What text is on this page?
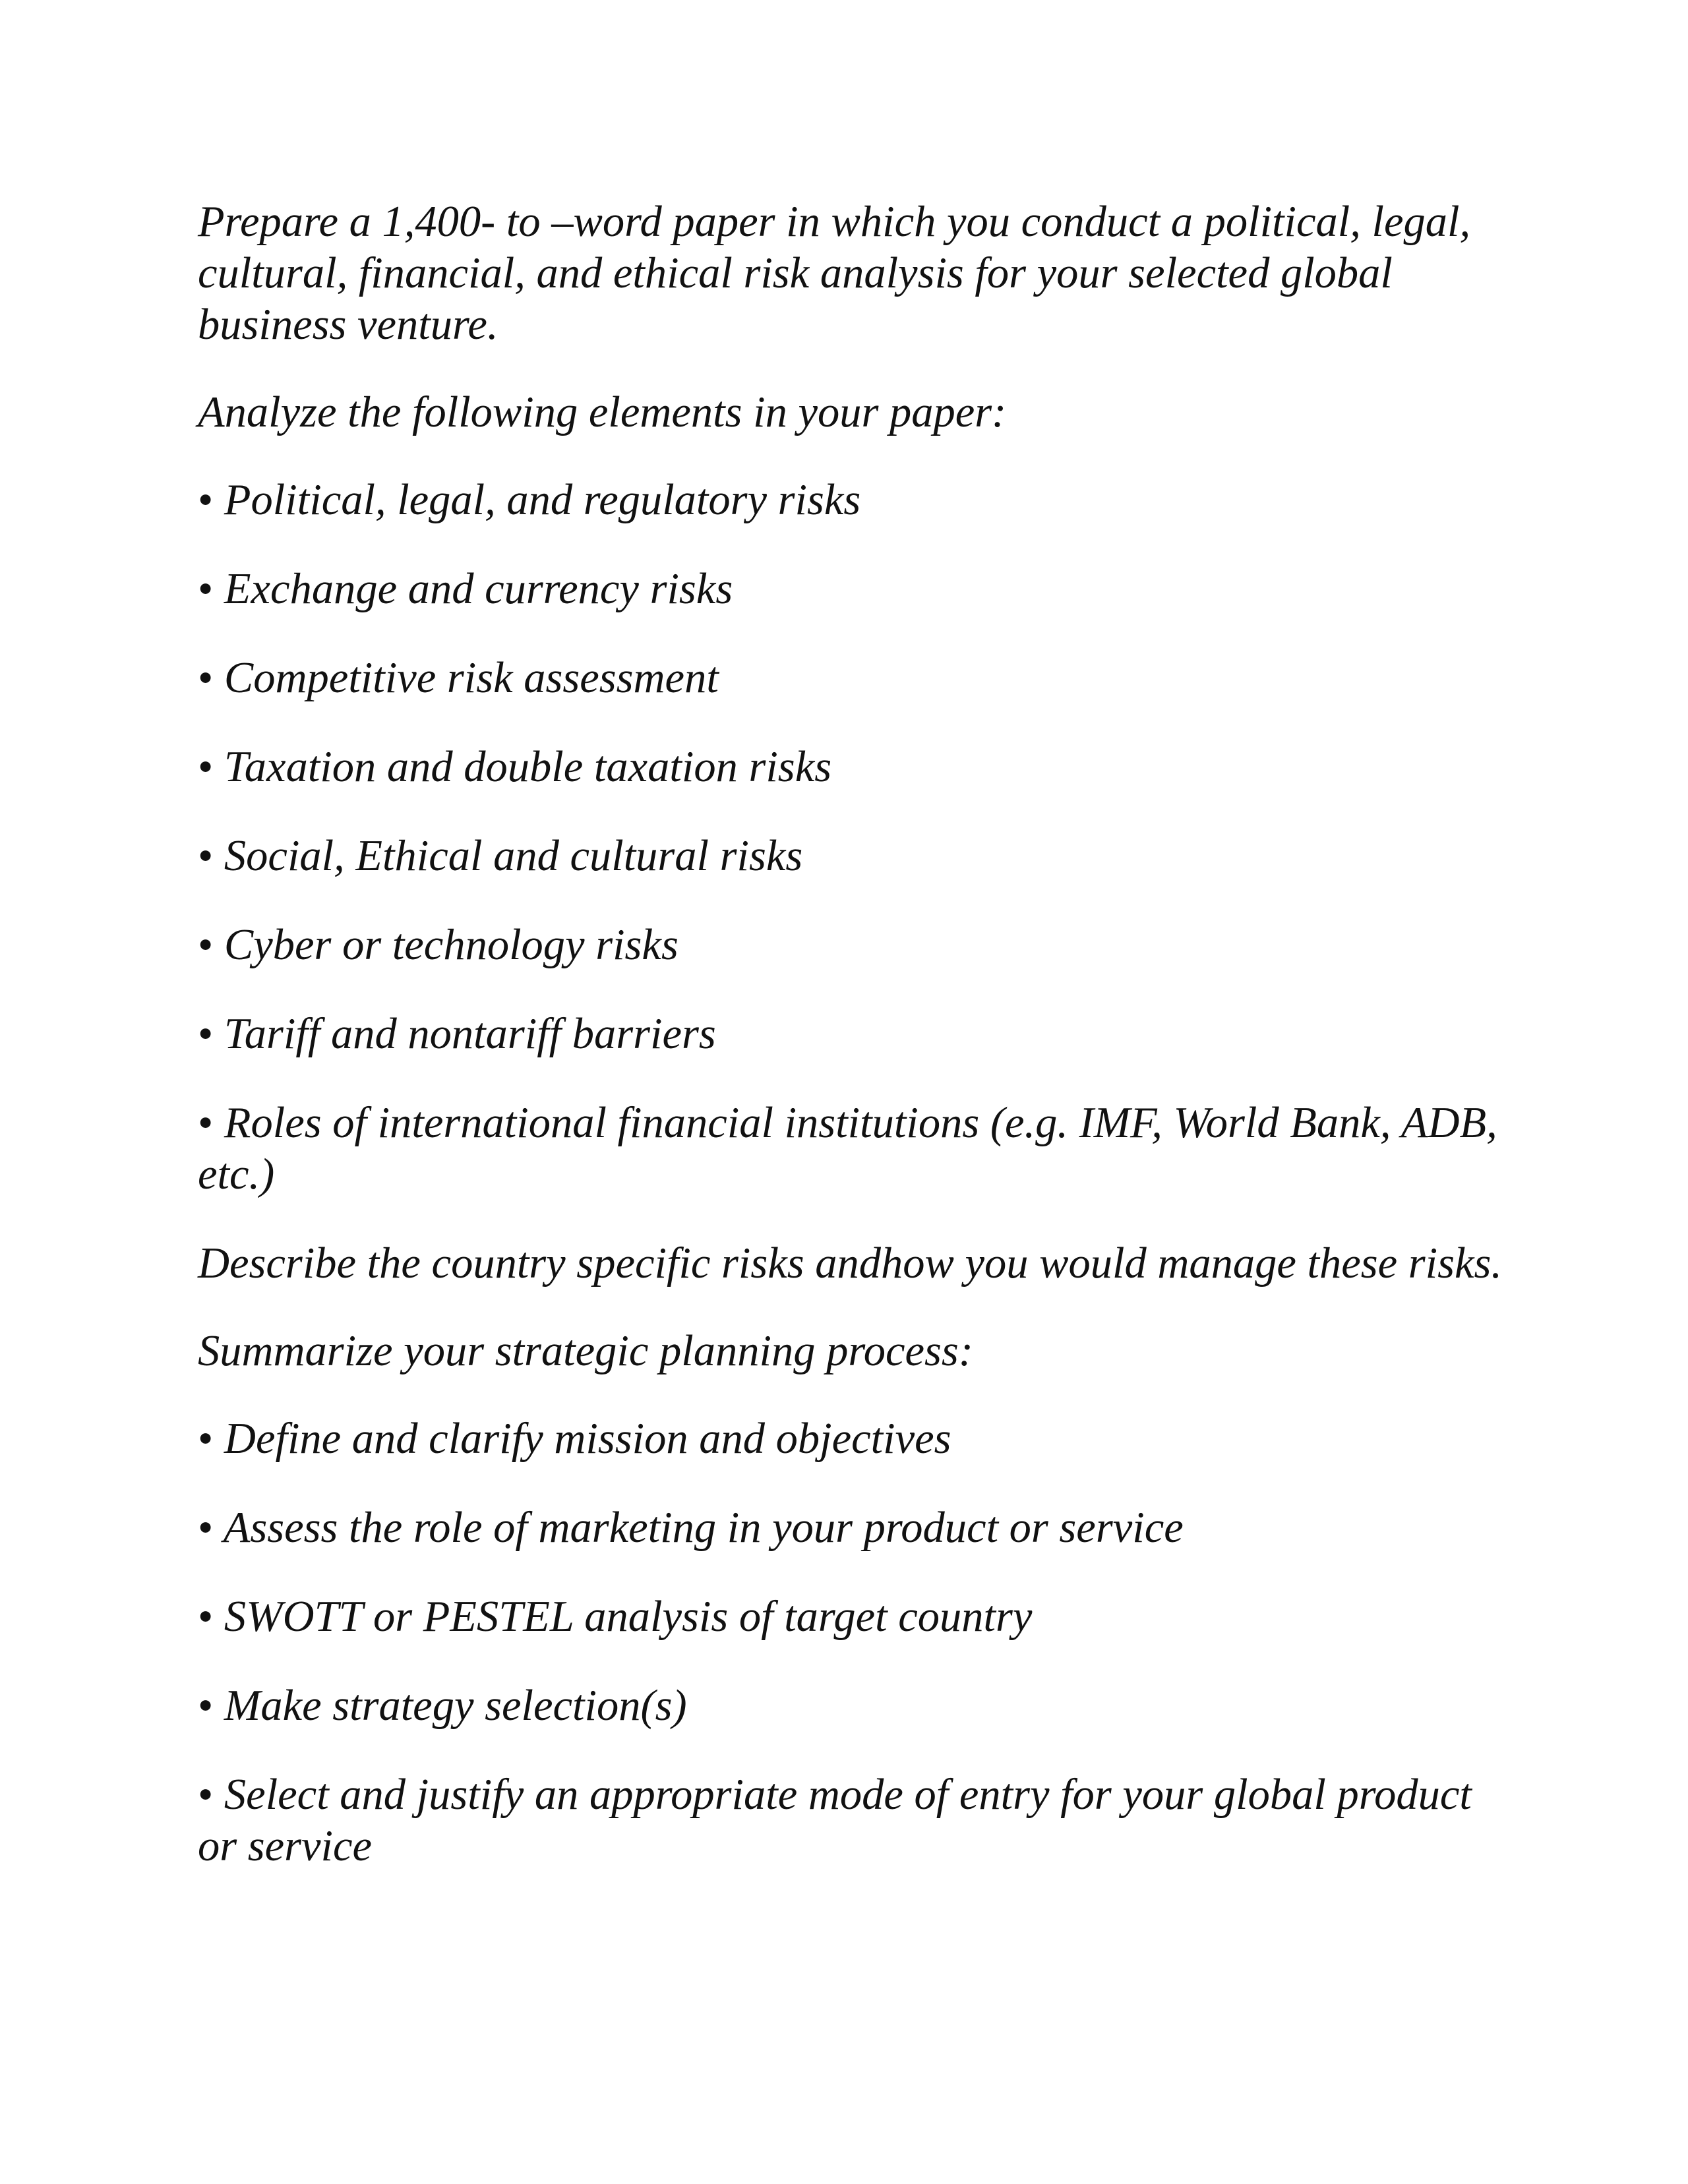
Prepare a 1,400- to –word paper in which you conduct a political, legal, cultural, financial, and ethical risk analysis for your selected global business venture.

Analyze the following elements in your paper:

• Political, legal, and regulatory risks

• Exchange and currency risks

• Competitive risk assessment

• Taxation and double taxation risks

• Social, Ethical and cultural risks

• Cyber or technology risks

• Tariff and nontariff barriers

• Roles of international financial institutions (e.g. IMF, World Bank, ADB, etc.)

Describe the country specific risks andhow you would manage these risks.

Summarize your strategic planning process:

• Define and clarify mission and objectives

• Assess the role of marketing in your product or service

• SWOTT or PESTEL analysis of target country

• Make strategy selection(s)

• Select and justify an appropriate mode of entry for your global product or service
